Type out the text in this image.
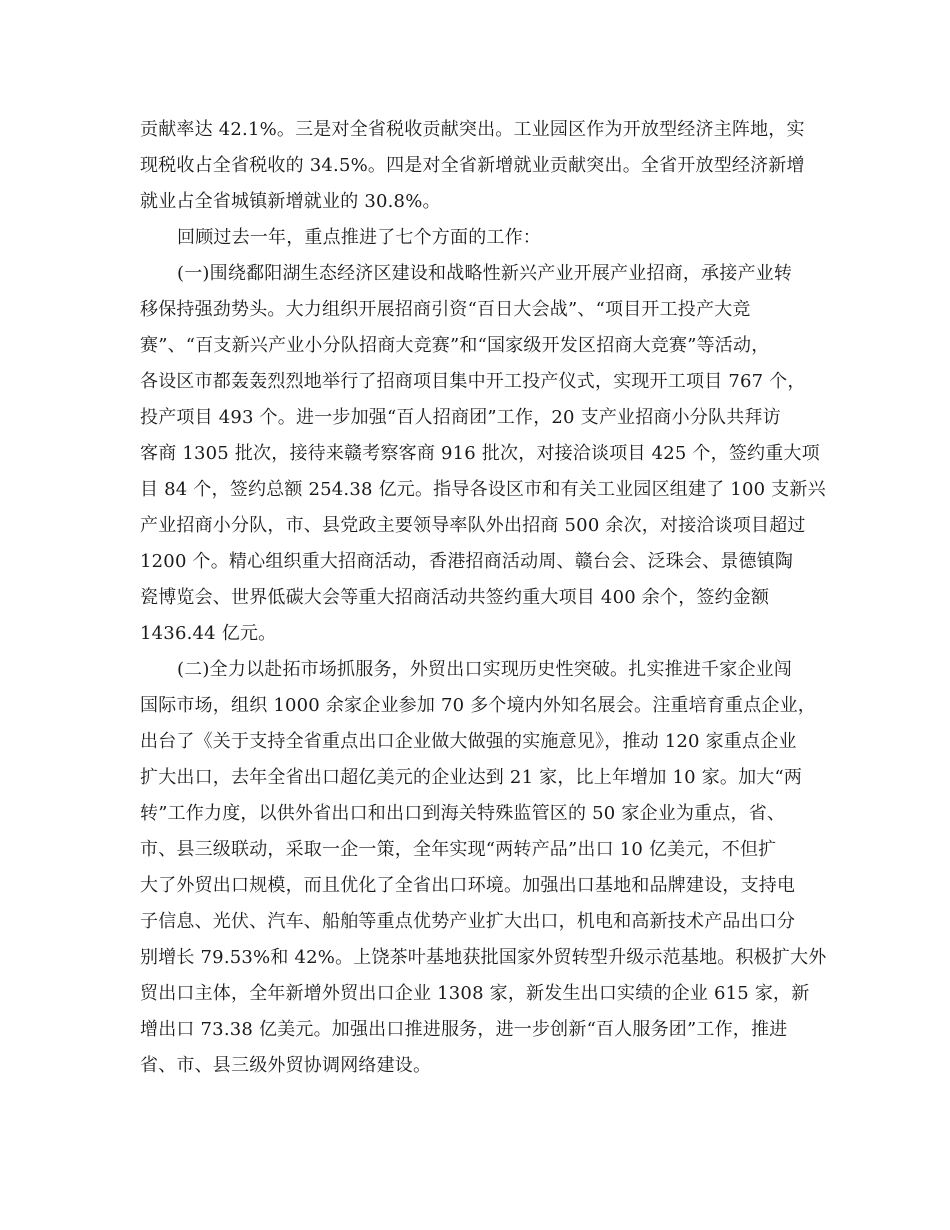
贡献率达 42.1%。三是对全省税收贡献突出。工业园区作为开放型经济主阵地，实
现税收占全省税收的 34.5%。四是对全省新增就业贡献突出。全省开放型经济新增
就业占全省城镇新增就业的 30.8%。
回顾过去一年，重点推进了七个方面的工作：
(一)围绕鄱阳湖生态经济区建设和战略性新兴产业开展产业招商，承接产业转
移保持强劲势头。大力组织开展招商引资“百日大会战”、“项目开工投产大竞
赛”、“百支新兴产业小分队招商大竞赛”和“国家级开发区招商大竞赛”等活动，
各设区市都轰轰烈烈地举行了招商项目集中开工投产仪式，实现开工项目 767 个，
投产项目 493 个。进一步加强“百人招商团”工作，20 支产业招商小分队共拜访
客商 1305 批次，接待来赣考察客商 916 批次，对接洽谈项目 425 个，签约重大项
目 84 个，签约总额 254.38 亿元。指导各设区市和有关工业园区组建了 100 支新兴
产业招商小分队，市、县党政主要领导率队外出招商 500 余次，对接洽谈项目超过
1200 个。精心组织重大招商活动，香港招商活动周、赣台会、泛珠会、景德镇陶
瓷博览会、世界低碳大会等重大招商活动共签约重大项目 400 余个，签约金额
1436.44 亿元。
(二)全力以赴拓市场抓服务，外贸出口实现历史性突破。扎实推进千家企业闯
国际市场，组织 1000 余家企业参加 70 多个境内外知名展会。注重培育重点企业，
出台了《关于支持全省重点出口企业做大做强的实施意见》，推动 120 家重点企业
扩大出口，去年全省出口超亿美元的企业达到 21 家，比上年增加 10 家。加大“两
转”工作力度，以供外省出口和出口到海关特殊监管区的 50 家企业为重点，省、
市、县三级联动，采取一企一策，全年实现“两转产品”出口 10 亿美元，不但扩
大了外贸出口规模，而且优化了全省出口环境。加强出口基地和品牌建设，支持电
子信息、光伏、汽车、船舶等重点优势产业扩大出口，机电和高新技术产品出口分
别增长 79.53%和 42%。上饶茶叶基地获批国家外贸转型升级示范基地。积极扩大外
贸出口主体，全年新增外贸出口企业 1308 家，新发生出口实绩的企业 615 家，新
增出口 73.38 亿美元。加强出口推进服务，进一步创新“百人服务团”工作，推进
省、市、县三级外贸协调网络建设。
